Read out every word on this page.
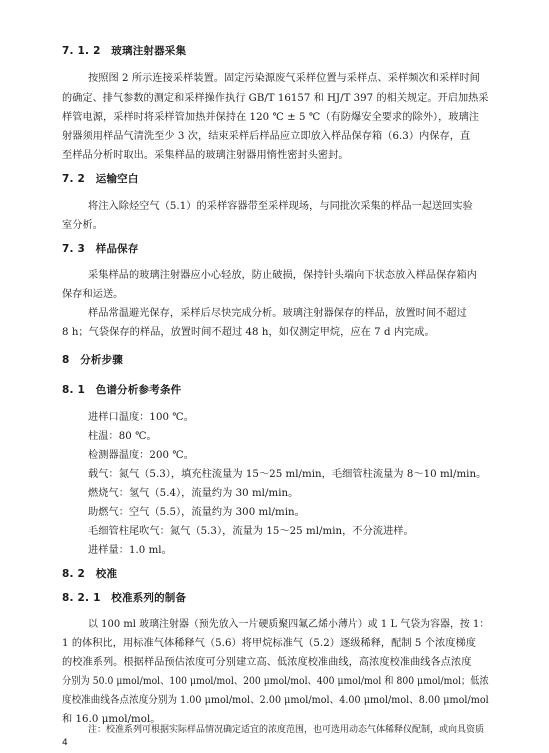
7. 1. 2　玻璃注射器采集
按照图 2 所示连接采样装置。固定污染源废气采样位置与采样点、采样频次和采样时间
的确定、排气参数的测定和采样操作执行 GB/T 16157 和 HJ/T 397 的相关规定。开启加热采
样管电源，采样时将采样管加热并保持在 120 ℃ ± 5 ℃（有防爆安全要求的除外），玻璃注
射器须用样品气清洗至少 3 次，结束采样后样品应立即放入样品保存箱（6.3）内保存，直
至样品分析时取出。采集样品的玻璃注射器用惰性密封头密封。
7. 2　运输空白
将注入除烃空气（5.1）的采样容器带至采样现场，与同批次采集的样品一起送回实验
室分析。
7. 3　样品保存
采集样品的玻璃注射器应小心轻放，防止破损，保持针头端向下状态放入样品保存箱内
保存和运送。
样品常温避光保存，采样后尽快完成分析。玻璃注射器保存的样品，放置时间不超过
8 h；气袋保存的样品，放置时间不超过 48 h，如仅测定甲烷，应在 7 d 内完成。
8　分析步骤
8. 1　色谱分析参考条件
进样口温度：100 ℃。
柱温：80 ℃。
检测器温度：200 ℃。
载气：氮气（5.3），填充柱流量为 15～25 ml/min，毛细管柱流量为 8～10 ml/min。
燃烧气：氢气（5.4），流量约为 30 ml/min。
助燃气：空气（5.5），流量约为 300 ml/min。
毛细管柱尾吹气：氮气（5.3），流量为 15～25 ml/min，不分流进样。
进样量：1.0 ml。
8. 2　校准
8. 2. 1　校准系列的制备
以 100 ml 玻璃注射器（预先放入一片硬质聚四氟乙烯小薄片）或 1 L 气袋为容器，按 1：
1 的体积比，用标准气体稀释气（5.6）将甲烷标准气（5.2）逐级稀释，配制 5 个浓度梯度
的校准系列。根据样品预估浓度可分别建立高、低浓度校准曲线，高浓度校准曲线各点浓度
分别为 50.0 μmol/mol、100 μmol/mol、200 μmol/mol、400 μmol/mol 和 800 μmol/mol；低浓
度校准曲线各点浓度分别为 1.00 μmol/mol、2.00 μmol/mol、4.00 μmol/mol、8.00 μmol/mol
和 16.0 μmol/mol。
注：校准系列可根据实际样品情况确定适宜的浓度范围，也可选用动态气体稀释仪配制，或向具资质
4
